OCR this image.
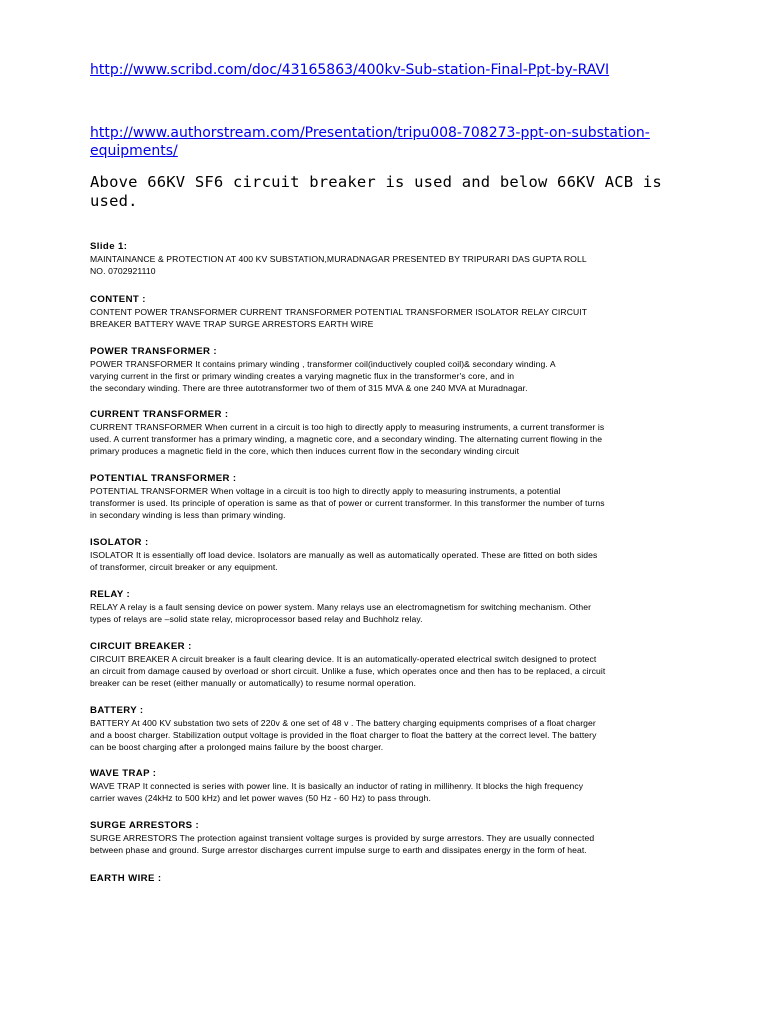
http://www.scribd.com/doc/43165863/400kv-Sub-station-Final-Ppt-by-RAVI
http://www.authorstream.com/Presentation/tripu008-708273-ppt-on-substation-equipments/
Above 66KV SF6 circuit breaker is used and below 66KV ACB is used.
Slide 1:
MAINTAINANCE & PROTECTION AT 400 KV SUBSTATION,MURADNAGAR PRESENTED BY TRIPURARI DAS GUPTA ROLL
NO. 0702921110
CONTENT :
CONTENT POWER TRANSFORMER CURRENT TRANSFORMER POTENTIAL TRANSFORMER ISOLATOR RELAY CIRCUIT
BREAKER BATTERY WAVE TRAP SURGE ARRESTORS EARTH WIRE
POWER TRANSFORMER :
POWER TRANSFORMER It contains primary winding , transformer coil(inductively coupled coil)& secondary winding. A
varying current in the first or primary winding creates a varying magnetic flux in the transformer's core, and in
the secondary winding. There are three autotransformer two of them of 315 MVA & one 240 MVA at Muradnagar.
CURRENT TRANSFORMER :
CURRENT TRANSFORMER When current in a circuit is too high to directly apply to measuring instruments, a current transformer is
used. A current transformer has a primary winding, a magnetic core, and a secondary winding. The alternating current flowing in the
primary produces a magnetic field in the core, which then induces current flow in the secondary winding circuit
POTENTIAL TRANSFORMER :
POTENTIAL TRANSFORMER When voltage in a circuit is too high to directly apply to measuring instruments, a potential
transformer is used. Its principle of operation is same as that of power or current transformer. In this transformer the number of turns
in secondary winding is less than primary winding.
ISOLATOR :
ISOLATOR It is essentially off load device. Isolators are manually as well as automatically operated. These are fitted on both sides
of transformer, circuit breaker or any equipment.
RELAY :
RELAY A relay is a fault sensing device on power system. Many relays use an electromagnetism for switching mechanism. Other
types of relays are –solid state relay, microprocessor based relay and Buchholz relay.
CIRCUIT BREAKER :
CIRCUIT BREAKER A circuit breaker is a fault clearing device. It is an automatically-operated electrical switch designed to protect
an circuit from damage caused by overload or short circuit. Unlike a fuse, which operates once and then has to be replaced, a circuit
breaker can be reset (either manually or automatically) to resume normal operation.
BATTERY :
BATTERY At 400 KV substation two sets of 220v & one set of 48 v . The battery charging equipments comprises of a float charger
and a boost charger. Stabilization output voltage is provided in the float charger to float the battery at the correct level. The battery
can be boost charging after a prolonged mains failure by the boost charger.
WAVE TRAP :
WAVE TRAP It connected is series with power line. It is basically an inductor of rating in millihenry. It blocks the high frequency
carrier waves (24kHz to 500 kHz) and let power waves (50 Hz - 60 Hz) to pass through.
SURGE ARRESTORS :
SURGE ARRESTORS The protection against transient voltage surges is provided by surge arrestors. They are usually connected
between phase and ground. Surge arrestor discharges current impulse surge to earth and dissipates energy in the form of heat.
EARTH WIRE :
